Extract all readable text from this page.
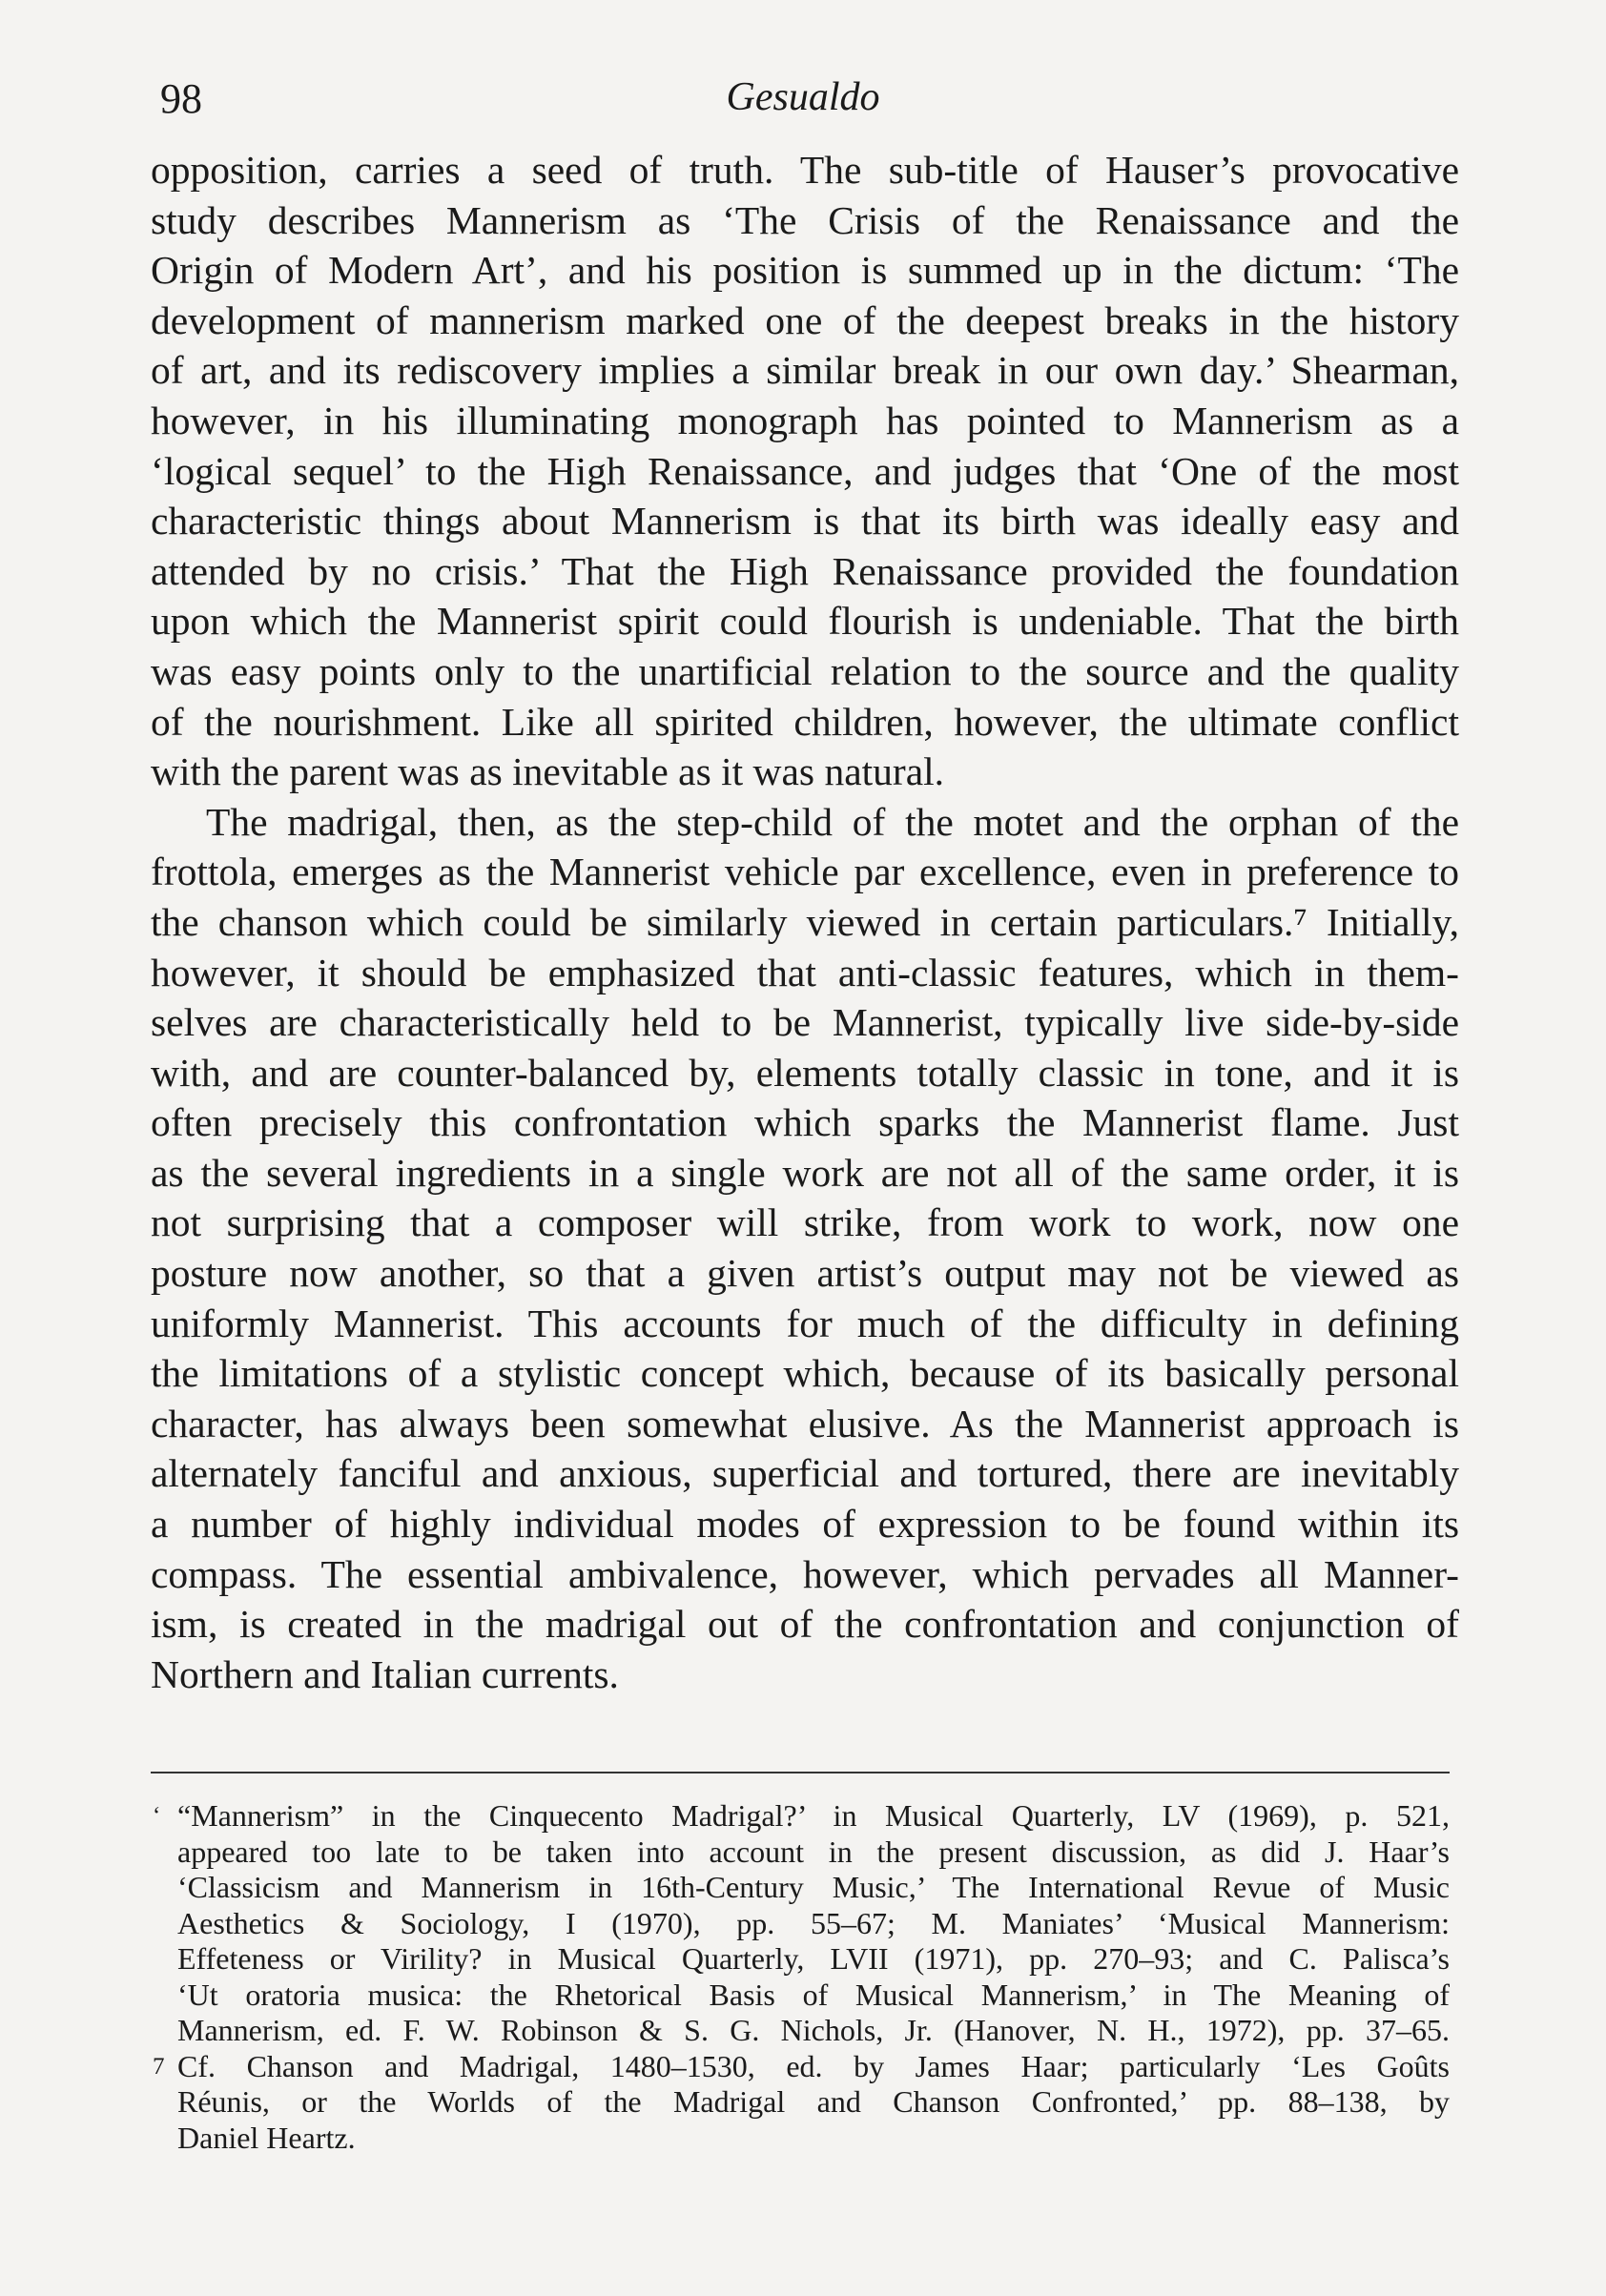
98	Gesualdo
opposition, carries a seed of truth. The sub-title of Hauser’s provocative
study describes Mannerism as ‘The Crisis of the Renaissance and the
Origin of Modern Art’, and his position is summed up in the dictum: ‘The
development of mannerism marked one of the deepest breaks in the history
of art, and its rediscovery implies a similar break in our own day.’ Shearman,
however, in his illuminating monograph has pointed to Mannerism as a
‘logical sequel’ to the High Renaissance, and judges that ‘One of the most
characteristic things about Mannerism is that its birth was ideally easy and
attended by no crisis.’ That the High Renaissance provided the foundation
upon which the Mannerist spirit could flourish is undeniable. That the birth
was easy points only to the unartificial relation to the source and the quality
of the nourishment. Like all spirited children, however, the ultimate conflict
with the parent was as inevitable as it was natural.
The madrigal, then, as the step-child of the motet and the orphan of the
frottola, emerges as the Mannerist vehicle par excellence, even in preference to
the chanson which could be similarly viewed in certain particulars.⁷ Initially,
however, it should be emphasized that anti-classic features, which in them-
selves are characteristically held to be Mannerist, typically live side-by-side
with, and are counter-balanced by, elements totally classic in tone, and it is
often precisely this confrontation which sparks the Mannerist flame. Just
as the several ingredients in a single work are not all of the same order, it is
not surprising that a composer will strike, from work to work, now one
posture now another, so that a given artist’s output may not be viewed as
uniformly Mannerist. This accounts for much of the difficulty in defining
the limitations of a stylistic concept which, because of its basically personal
character, has always been somewhat elusive. As the Mannerist approach is
alternately fanciful and anxious, superficial and tortured, there are inevitably
a number of highly individual modes of expression to be found within its
compass. The essential ambivalence, however, which pervades all Manner-
ism, is created in the madrigal out of the confrontation and conjunction of
Northern and Italian currents.
‘ “Mannerism” in the Cinquecento Madrigal?’ in Musical Quarterly, LV (1969), p. 521,
appeared too late to be taken into account in the present discussion, as did J. Haar’s
‘Classicism and Mannerism in 16th-Century Music,’ The International Revue of Music
Aesthetics & Sociology, I (1970), pp. 55–67; M. Maniates’ ‘Musical Mannerism:
Effeteness or Virility? in Musical Quarterly, LVII (1971), pp. 270–93; and C. Palisca’s
‘Ut oratoria musica: the Rhetorical Basis of Musical Mannerism,’ in The Meaning of
Mannerism, ed. F. W. Robinson & S. G. Nichols, Jr. (Hanover, N. H., 1972), pp. 37–65.
7 Cf. Chanson and Madrigal, 1480–1530, ed. by James Haar; particularly ‘Les Goûts
Réunis, or the Worlds of the Madrigal and Chanson Confronted,’ pp. 88–138, by
Daniel Heartz.
